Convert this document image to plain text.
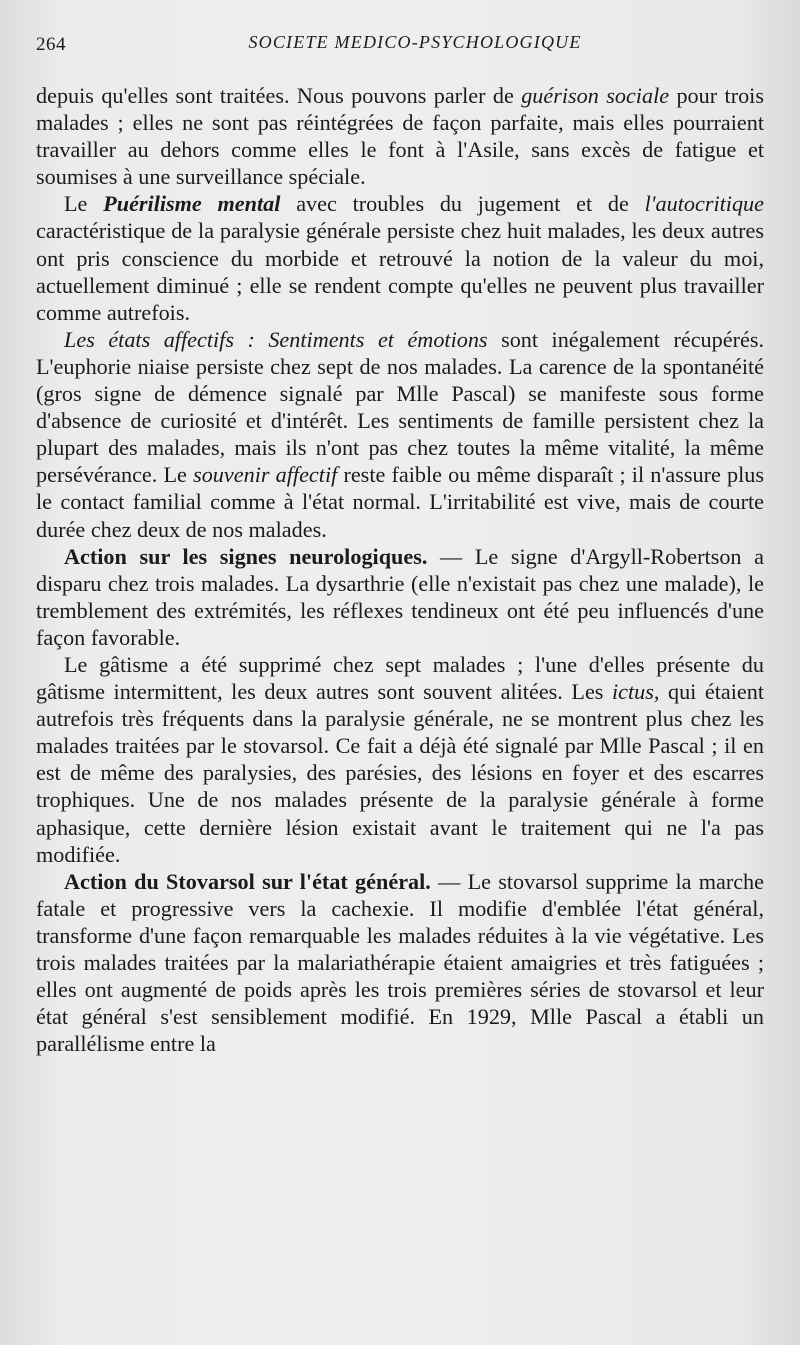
264	SOCIETE MEDICO-PSYCHOLOGIQUE

depuis qu'elles sont traitées. Nous pouvons parler de guérison sociale pour trois malades ; elles ne sont pas réintégrées de façon parfaite, mais elles pourraient travailler au dehors comme elles le font à l'Asile, sans excès de fatigue et soumises à une surveillance spéciale.

Le Puérilisme mental avec troubles du jugement et de l'autocritique caractéristique de la paralysie générale persiste chez huit malades, les deux autres ont pris conscience du morbide et retrouvé la notion de la valeur du moi, actuellement diminué ; elle se rendent compte qu'elles ne peuvent plus travailler comme autrefois.

Les états affectifs : Sentiments et émotions sont inégalement récupérés. L'euphorie niaise persiste chez sept de nos malades. La carence de la spontanéité (gros signe de démence signalé par Mlle Pascal) se manifeste sous forme d'absence de curiosité et d'intérêt. Les sentiments de famille persistent chez la plupart des malades, mais ils n'ont pas chez toutes la même vitalité, la même persévérance. Le souvenir affectif reste faible ou même disparaît ; il n'assure plus le contact familial comme à l'état normal. L'irritabilité est vive, mais de courte durée chez deux de nos malades.

Action sur les signes neurologiques. — Le signe d'Argyll-Robertson a disparu chez trois malades. La dysarthrie (elle n'existait pas chez une malade), le tremblement des extrémités, les réflexes tendineux ont été peu influencés d'une façon favorable.

Le gâtisme a été supprimé chez sept malades ; l'une d'elles présente du gâtisme intermittent, les deux autres sont souvent alitées. Les ictus, qui étaient autrefois très fréquents dans la paralysie générale, ne se montrent plus chez les malades traitées par le stovarsol. Ce fait a déjà été signalé par Mlle Pascal ; il en est de même des paralysies, des parésies, des lésions en foyer et des escarres trophiques. Une de nos malades présente de la paralysie générale à forme aphasique, cette dernière lésion existait avant le traitement qui ne l'a pas modifiée.

Action du Stovarsol sur l'état général. — Le stovarsol supprime la marche fatale et progressive vers la cachexie. Il modifie d'emblée l'état général, transforme d'une façon remarquable les malades réduites à la vie végétative. Les trois malades traitées par la malariathérapie étaient amaigries et très fatiguées ; elles ont augmenté de poids après les trois premières séries de stovarsol et leur état général s'est sensiblement modifié. En 1929, Mlle Pascal a établi un parallélisme entre la
